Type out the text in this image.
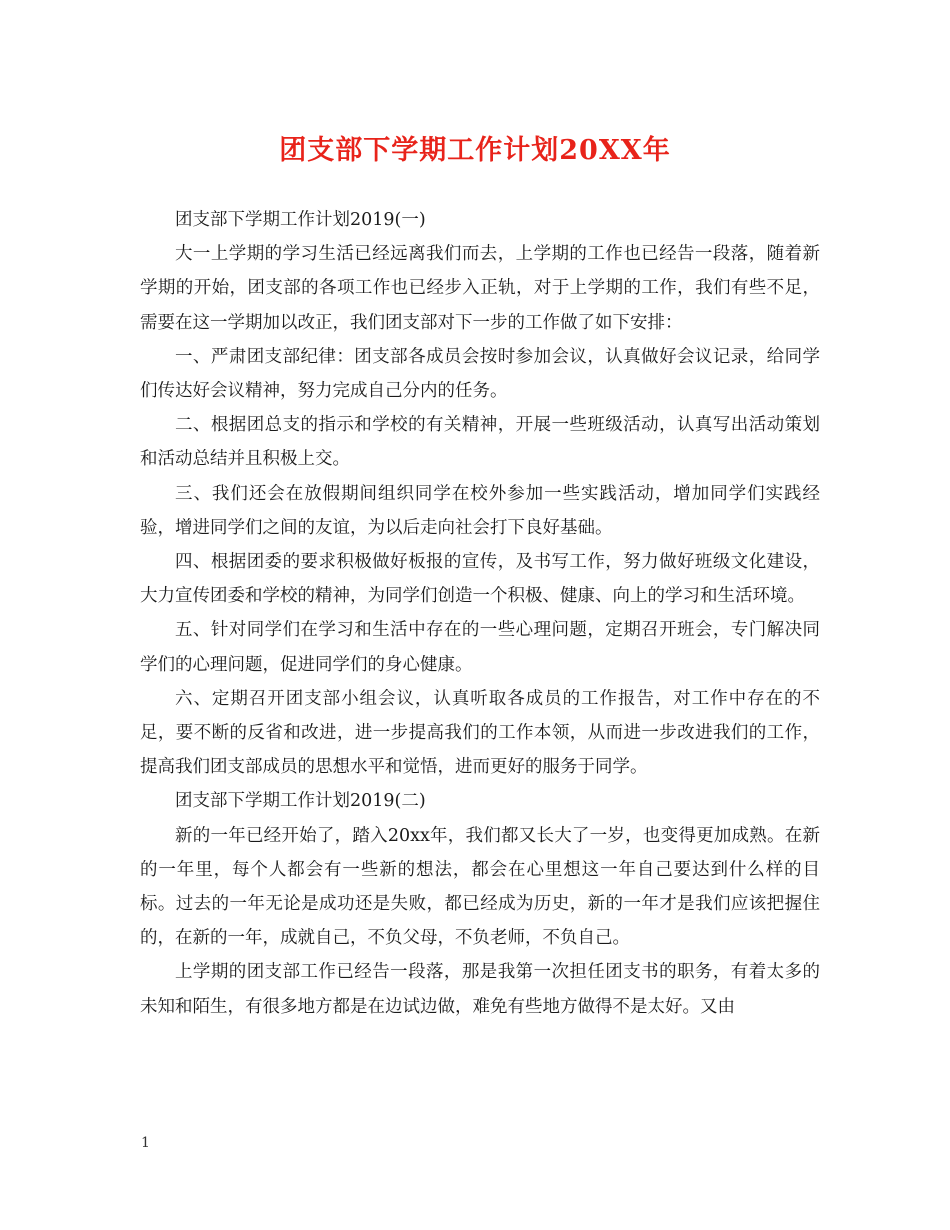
团支部下学期工作计划20XX年

团支部下学期工作计划2019(一)

大一上学期的学习生活已经远离我们而去，上学期的工作也已经告一段落，随着新学期的开始，团支部的各项工作也已经步入正轨，对于上学期的工作，我们有些不足，需要在这一学期加以改正，我们团支部对下一步的工作做了如下安排：

一、严肃团支部纪律：团支部各成员会按时参加会议，认真做好会议记录，给同学们传达好会议精神，努力完成自己分内的任务。

二、根据团总支的指示和学校的有关精神，开展一些班级活动，认真写出活动策划和活动总结并且积极上交。

三、我们还会在放假期间组织同学在校外参加一些实践活动，增加同学们实践经验，增进同学们之间的友谊，为以后走向社会打下良好基础。

四、根据团委的要求积极做好板报的宣传，及书写工作，努力做好班级文化建设，大力宣传团委和学校的精神，为同学们创造一个积极、健康、向上的学习和生活环境。

五、针对同学们在学习和生活中存在的一些心理问题，定期召开班会，专门解决同学们的心理问题，促进同学们的身心健康。

六、定期召开团支部小组会议，认真听取各成员的工作报告，对工作中存在的不足，要不断的反省和改进，进一步提高我们的工作本领，从而进一步改进我们的工作，提高我们团支部成员的思想水平和觉悟，进而更好的服务于同学。

团支部下学期工作计划2019(二)

新的一年已经开始了，踏入20xx年，我们都又长大了一岁，也变得更加成熟。在新的一年里，每个人都会有一些新的想法，都会在心里想这一年自己要达到什么样的目标。过去的一年无论是成功还是失败，都已经成为历史，新的一年才是我们应该把握住的，在新的一年，成就自己，不负父母，不负老师，不负自己。

上学期的团支部工作已经告一段落，那是我第一次担任团支书的职务，有着太多的未知和陌生，有很多地方都是在边试边做，难免有些地方做得不是太好。又由

1
